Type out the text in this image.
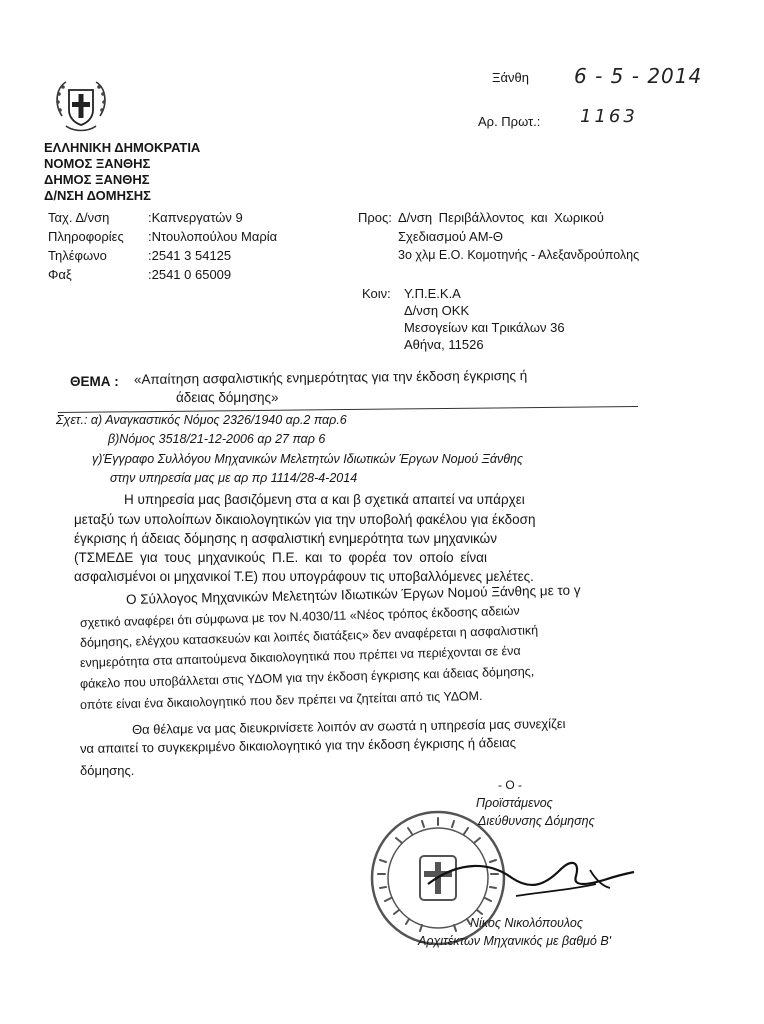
Ξάνθη 6 - 5 - 2014
Αρ. Πρωτ.: 1163
ΕΛΛΗΝΙΚΗ ΔΗΜΟΚΡΑΤΙΑ
ΝΟΜΟΣ ΞΑΝΘΗΣ
ΔΗΜΟΣ ΞΑΝΘΗΣ
Δ/ΝΣΗ ΔΟΜΗΣΗΣ
Ταχ. Δ/νση	:Καπνεργατών 9
Πληροφορίες :Ντουλοπούλου Μαρία
Τηλέφωνο	:2541 3 54125
Φαξ	:2541 0 65009
Προς: Δ/νση Περιβάλλοντος και Χωρικού
Σχεδιασμού ΑΜ-Θ
3ο χλμ Ε.Ο. Κομοτηνής - Αλεξανδρούπολης
Κοιν: Υ.Π.Ε.Κ.Α
Δ/νση ΟΚΚ
Μεσογείων και Τρικάλων 36
Αθήνα, 11526
ΘΕΜΑ : «Απαίτηση ασφαλιστικής ενημερότητας για την έκδοση έγκρισης ή
άδειας δόμησης»
Σχετ.: α) Αναγκαστικός Νόμος 2326/1940 αρ.2 παρ.6
β)Νόμος 3518/21-12-2006 αρ 27 παρ 6
γ)Έγγραφο Συλλόγου Μηχανικών Μελετητών Ιδιωτικών Έργων Νομού Ξάνθης
στην υπηρεσία μας με αρ πρ 1114/28-4-2014
Η υπηρεσία μας βασιζόμενη στα α και β σχετικά απαιτεί να υπάρχει
μεταξύ των υπολοίπων δικαιολογητικών για την υποβολή φακέλου για έκδοση
έγκρισης ή άδειας δόμησης η ασφαλιστική ενημερότητα των μηχανικών
(ΤΣΜΕΔΕ για τους μηχανικούς Π.Ε. και το φορέα τον οποίο είναι
ασφαλισμένοι οι μηχανικοί Τ.Ε) που υπογράφουν τις υποβαλλόμενες μελέτες.
Ο Σύλλογος Μηχανικών Μελετητών Ιδιωτικών Έργων Νομού Ξάνθης με το γ
σχετικό αναφέρει ότι σύμφωνα με τον Ν.4030/11 «Νέος τρόπος έκδοσης αδειών
δόμησης, ελέγχου κατασκευών και λοιπές διατάξεις» δεν αναφέρεται η ασφαλιστική
ενημερότητα στα απαιτούμενα δικαιολογητικά που πρέπει να περιέχονται σε ένα
φάκελο που υποβάλλεται στις ΥΔΟΜ για την έκδοση έγκρισης και άδειας δόμησης,
οπότε είναι ένα δικαιολογητικό που δεν πρέπει να ζητείται από τις ΥΔΟΜ.
Θα θέλαμε να μας διευκρινίσετε λοιπόν αν σωστά η υπηρεσία μας συνεχίζει
να απαιτεί το συγκεκριμένο δικαιολογητικό για την έκδοση έγκρισης ή άδειας
δόμησης.
- Ο -
Προϊστάμενος
Διεύθυνσης Δόμησης
Νίκος Νικολόπουλος
Αρχιτέκτων Μηχανικός με βαθμό Β'
